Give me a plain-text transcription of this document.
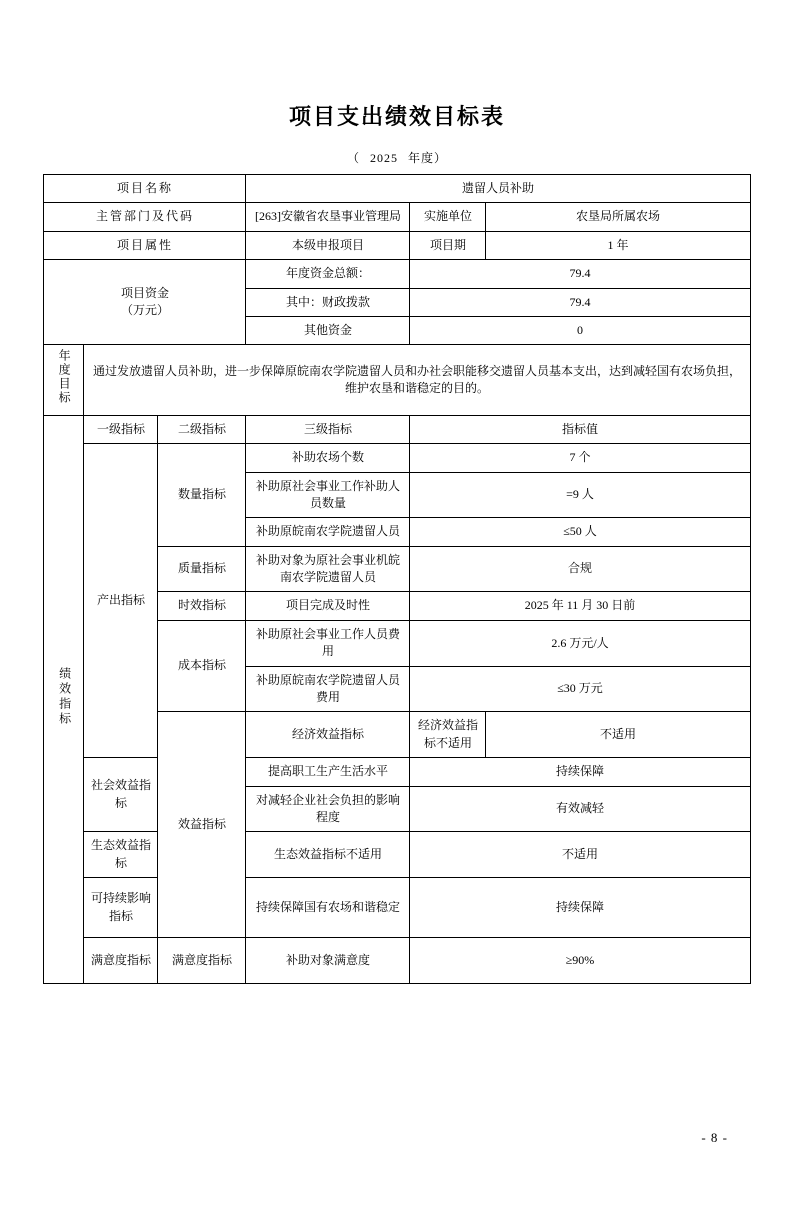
项目支出绩效目标表
（ 2025 年度）
项目名称			遗留人员补助		
主管部门及代码			[263]安徽省农垦事业管理局	实施单位	农垦局所属农场
项目属性			本级申报项目	项目期	1 年

项目资金
（万元）			年度资金总额：	79.4	
			其中：财政拨款	79.4	
			其他资金	0	
年度目标	通过发放遗留人员补助，进一步保障原皖南农学院遗留人员和办社会职能移交遗留人员基本支出，达到减轻国有农场负担，维护农垦和谐稳定的目的。				
绩效指标	一级指标	二级指标	三级指标	指标值	
	产出指标	数量指标	补助农场个数	7 个	
			补助原社会事业工作补助人员数量	=9 人	
			补助原皖南农学院遗留人员	≤50 人	
		质量指标	补助对象为原社会事业机皖南农学院遗留人员	合规	
		时效指标	项目完成及时性	2025 年 11 月 30 日前	
		成本指标	补助原社会事业工作人员费用	2.6 万元/人	
			补助原皖南农学院遗留人员费用	≤30 万元	
		效益指标	经济效益指标	经济效益指标不适用	不适用
	社会效益指标		提高职工生产生活水平	持续保障	
			对减轻企业社会负担的影响程度	有效减轻	
	生态效益指标		生态效益指标不适用	不适用	
	可持续影响指标		持续保障国有农场和谐稳定	持续保障	
	满意度指标	满意度指标	补助对象满意度	≥90%	
- 8 -
